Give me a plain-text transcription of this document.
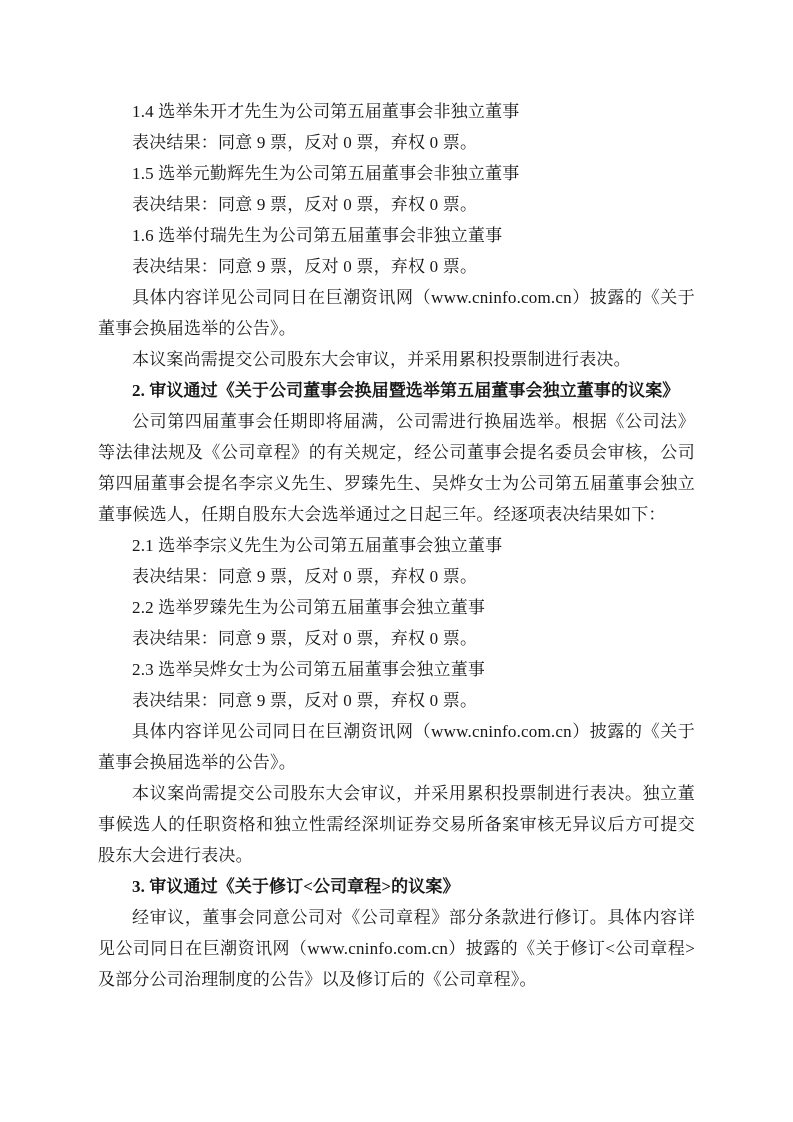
1.4 选举朱开才先生为公司第五届董事会非独立董事
表决结果：同意 9 票，反对 0 票，弃权 0 票。
1.5 选举元勤辉先生为公司第五届董事会非独立董事
表决结果：同意 9 票，反对 0 票，弃权 0 票。
1.6 选举付瑞先生为公司第五届董事会非独立董事
表决结果：同意 9 票，反对 0 票，弃权 0 票。
具体内容详见公司同日在巨潮资讯网（www.cninfo.com.cn）披露的《关于董事会换届选举的公告》。
本议案尚需提交公司股东大会审议，并采用累积投票制进行表决。
2. 审议通过《关于公司董事会换届暨选举第五届董事会独立董事的议案》
公司第四届董事会任期即将届满，公司需进行换届选举。根据《公司法》等法律法规及《公司章程》的有关规定，经公司董事会提名委员会审核，公司第四届董事会提名李宗义先生、罗臻先生、吴烨女士为公司第五届董事会独立董事候选人，任期自股东大会选举通过之日起三年。经逐项表决结果如下：
2.1 选举李宗义先生为公司第五届董事会独立董事
表决结果：同意 9 票，反对 0 票，弃权 0 票。
2.2 选举罗臻先生为公司第五届董事会独立董事
表决结果：同意 9 票，反对 0 票，弃权 0 票。
2.3 选举吴烨女士为公司第五届董事会独立董事
表决结果：同意 9 票，反对 0 票，弃权 0 票。
具体内容详见公司同日在巨潮资讯网（www.cninfo.com.cn）披露的《关于董事会换届选举的公告》。
本议案尚需提交公司股东大会审议，并采用累积投票制进行表决。独立董事候选人的任职资格和独立性需经深圳证券交易所备案审核无异议后方可提交股东大会进行表决。
3. 审议通过《关于修订<公司章程>的议案》
经审议，董事会同意公司对《公司章程》部分条款进行修订。具体内容详见公司同日在巨潮资讯网（www.cninfo.com.cn）披露的《关于修订<公司章程>及部分公司治理制度的公告》以及修订后的《公司章程》。
